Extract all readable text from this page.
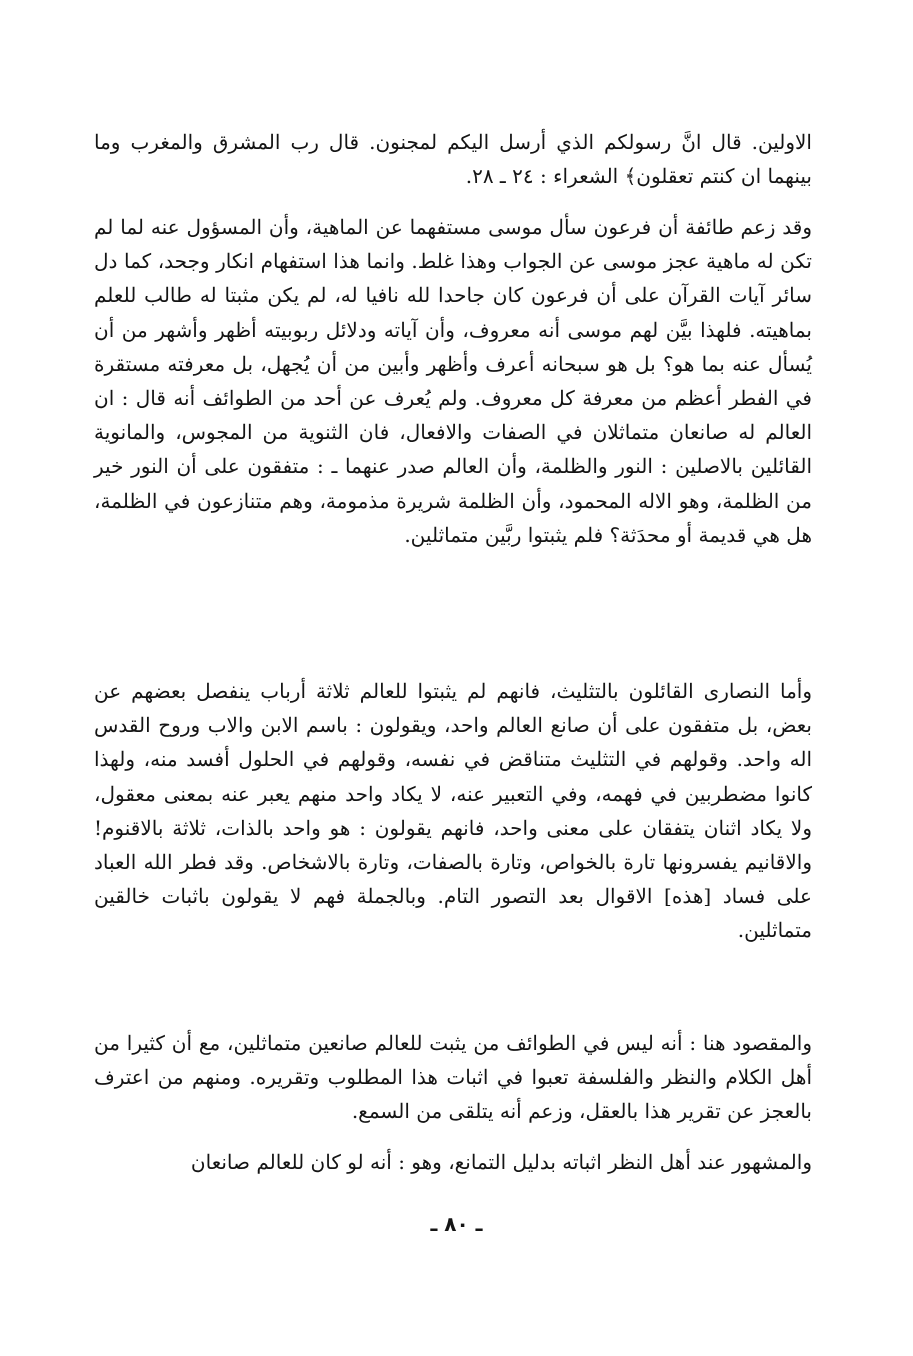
الاولين. قال انَّ رسولكم الذي أرسل اليكم لمجنون. قال رب المشرق والمغرب وما بينهما ان كنتم تعقلون﴾ الشعراء : ٢٤ ـ ٢٨.

وقد زعم طائفة أن فرعون سأل موسى مستفهما عن الماهية، وأن المسؤول عنه لما لم تكن له ماهية عجز موسى عن الجواب وهذا غلط. وانما هذا استفهام انكار وجحد، كما دل سائر آيات القرآن على أن فرعون كان جاحدا لله نافيا له، لم يكن مثبتا له طالب للعلم بماهيته. فلهذا بيَّن لهم موسى أنه معروف، وأن آياته ودلائل ربوبيته أظهر وأشهر من أن يُسأل عنه بما هو؟ بل هو سبحانه أعرف وأظهر وأبين من أن يُجهل، بل معرفته مستقرة في الفطر أعظم من معرفة كل معروف. ولم يُعرف عن أحد من الطوائف أنه قال : ان العالم له صانعان متماثلان في الصفات والافعال، فان الثنوية من المجوس، والمانوية القائلين بالاصلين : النور والظلمة، وأن العالم صدر عنهما ـ : متفقون على أن النور خير من الظلمة، وهو الاله المحمود، وأن الظلمة شريرة مذمومة، وهم متنازعون في الظلمة، هل هي قديمة أو محدَثة؟ فلم يثبتوا ربَّين متماثلين.

وأما النصارى القائلون بالتثليث، فانهم لم يثبتوا للعالم ثلاثة أرباب ينفصل بعضهم عن بعض، بل متفقون على أن صانع العالم واحد، ويقولون : باسم الابن والاب وروح القدس اله واحد. وقولهم في التثليث متناقض في نفسه، وقولهم في الحلول أفسد منه، ولهذا كانوا مضطربين في فهمه، وفي التعبير عنه، لا يكاد واحد منهم يعبر عنه بمعنى معقول، ولا يكاد اثنان يتفقان على معنى واحد، فانهم يقولون : هو واحد بالذات، ثلاثة بالاقنوم! والاقانيم يفسرونها تارة بالخواص، وتارة بالصفات، وتارة بالاشخاص. وقد فطر الله العباد على فساد [هذه] الاقوال بعد التصور التام. وبالجملة فهم لا يقولون باثبات خالقين متماثلين.

والمقصود هنا : أنه ليس في الطوائف من يثبت للعالم صانعين متماثلين، مع أن كثيرا من أهل الكلام والنظر والفلسفة تعبوا في اثبات هذا المطلوب وتقريره. ومنهم من اعترف بالعجز عن تقرير هذا بالعقل، وزعم أنه يتلقى من السمع.

والمشهور عند أهل النظر اثباته بدليل التمانع، وهو : أنه لو كان للعالم صانعان

ـ ٨٠ ـ
